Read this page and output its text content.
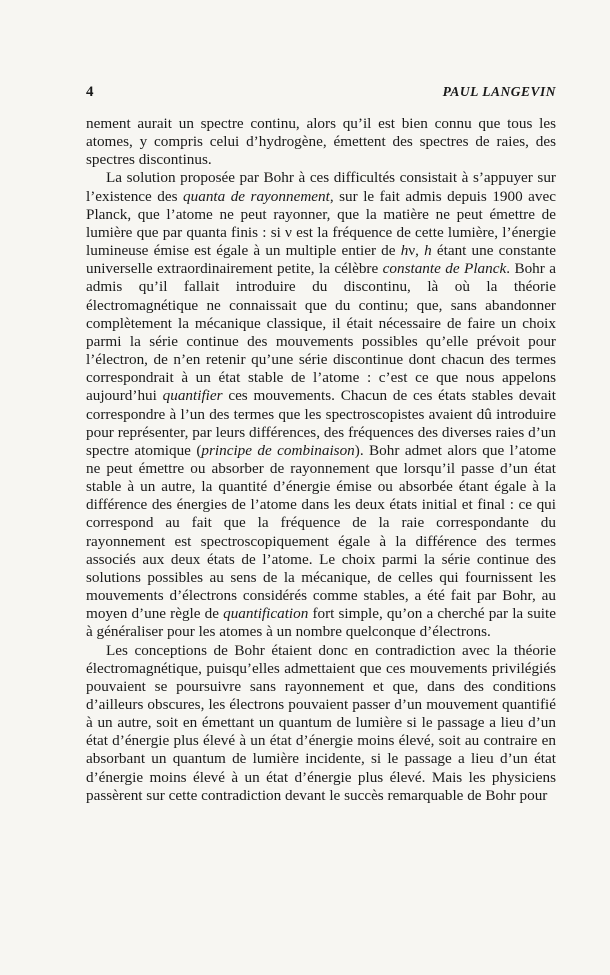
4	PAUL LANGEVIN

nement aurait un spectre continu, alors qu’il est bien connu que tous les atomes, y compris celui d’hydrogène, émettent des spectres de raies, des spectres discontinus.

La solution proposée par Bohr à ces difficultés consistait à s’appuyer sur l’existence des quanta de rayonnement, sur le fait admis depuis 1900 avec Planck, que l’atome ne peut rayonner, que la matière ne peut émettre de lumière que par quanta finis : si ν est la fréquence de cette lumière, l’énergie lumineuse émise est égale à un multiple entier de hν, h étant une constante universelle extraordinairement petite, la célèbre constante de Planck. Bohr a admis qu’il fallait introduire du discontinu, là où la théorie électromagnétique ne connaissait que du continu; que, sans abandonner complètement la mécanique classique, il était nécessaire de faire un choix parmi la série continue des mouvements possibles qu’elle prévoit pour l’électron, de n’en retenir qu’une série discontinue dont chacun des termes correspondrait à un état stable de l’atome : c’est ce que nous appelons aujourd’hui quantifier ces mouvements. Chacun de ces états stables devait correspondre à l’un des termes que les spectroscopistes avaient dû introduire pour représenter, par leurs différences, des fréquences des diverses raies d’un spectre atomique (principe de combinaison). Bohr admet alors que l’atome ne peut émettre ou absorber de rayonnement que lorsqu’il passe d’un état stable à un autre, la quantité d’énergie émise ou absorbée étant égale à la différence des énergies de l’atome dans les deux états initial et final : ce qui correspond au fait que la fréquence de la raie correspondante du rayonnement est spectroscopiquement égale à la différence des termes associés aux deux états de l’atome. Le choix parmi la série continue des solutions possibles au sens de la mécanique, de celles qui fournissent les mouvements d’électrons considérés comme stables, a été fait par Bohr, au moyen d’une règle de quantification fort simple, qu’on a cherché par la suite à généraliser pour les atomes à un nombre quelconque d’électrons.

Les conceptions de Bohr étaient donc en contradiction avec la théorie électromagnétique, puisqu’elles admettaient que ces mouvements privilégiés pouvaient se poursuivre sans rayonnement et que, dans des conditions d’ailleurs obscures, les électrons pouvaient passer d’un mouvement quantifié à un autre, soit en émettant un quantum de lumière si le passage a lieu d’un état d’énergie plus élevé à un état d’énergie moins élevé, soit au contraire en absorbant un quantum de lumière incidente, si le passage a lieu d’un état d’énergie moins élevé à un état d’énergie plus élevé. Mais les physiciens passèrent sur cette contradiction devant le succès remarquable de Bohr pour
